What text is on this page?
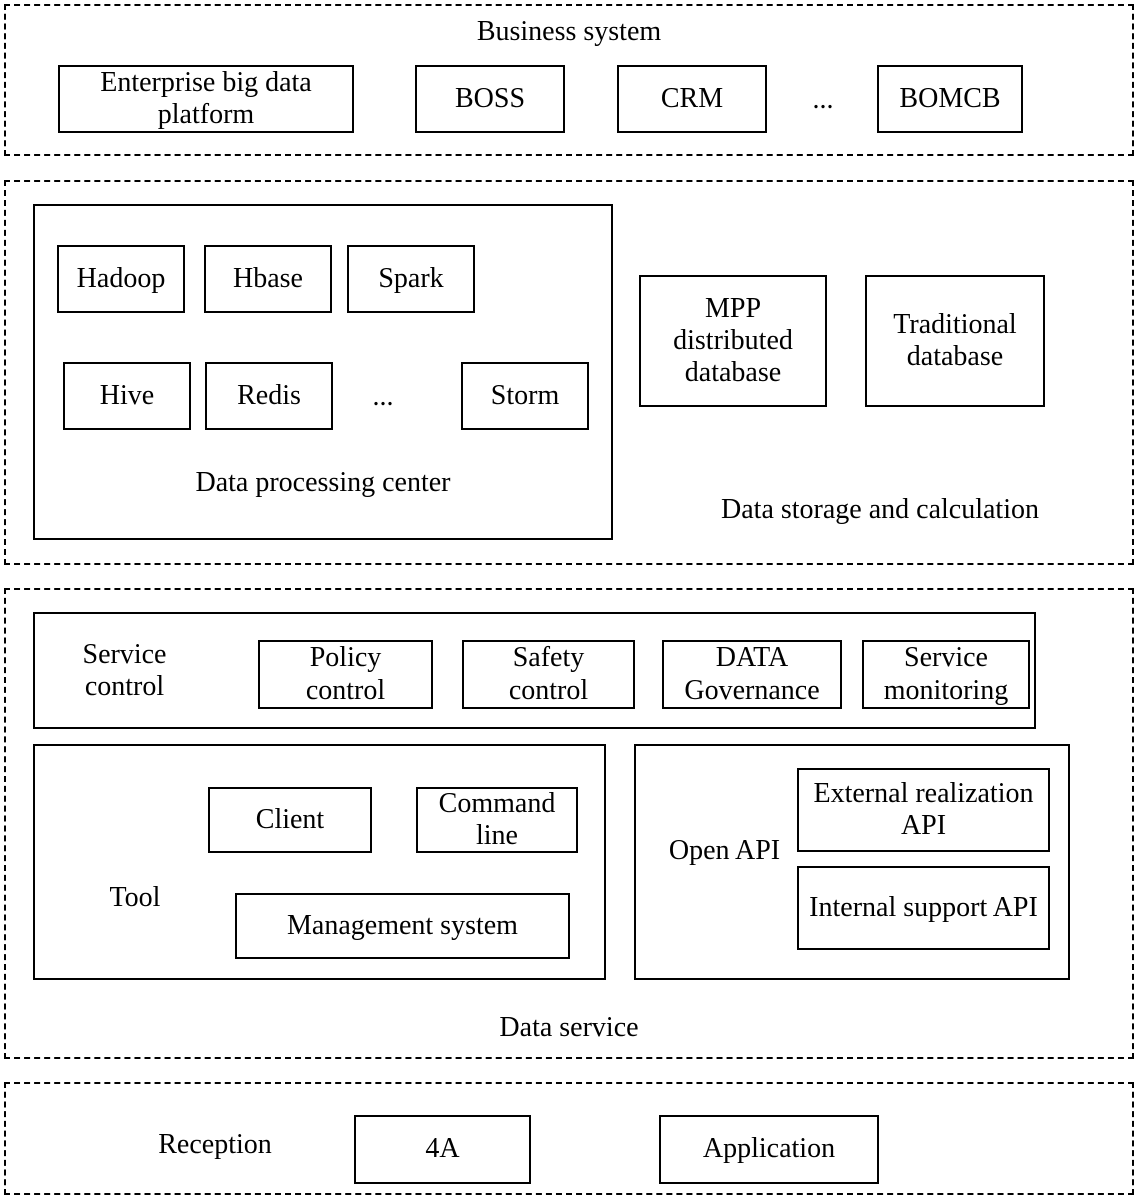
Business system
Enterprise big data platform
BOSS	CRM	...	BOMCB
Hadoop	Hbase	Spark
Hive	Redis	...	Storm
Data processing center
MPP distributed database
Traditional database
Data storage and calculation
Service control
Policy control
Safety control
DATA Governance
Service monitoring
Tool
Client
Command line
Management system
Open API
External realization API
Internal support API
Data service
Reception	4A	Application
